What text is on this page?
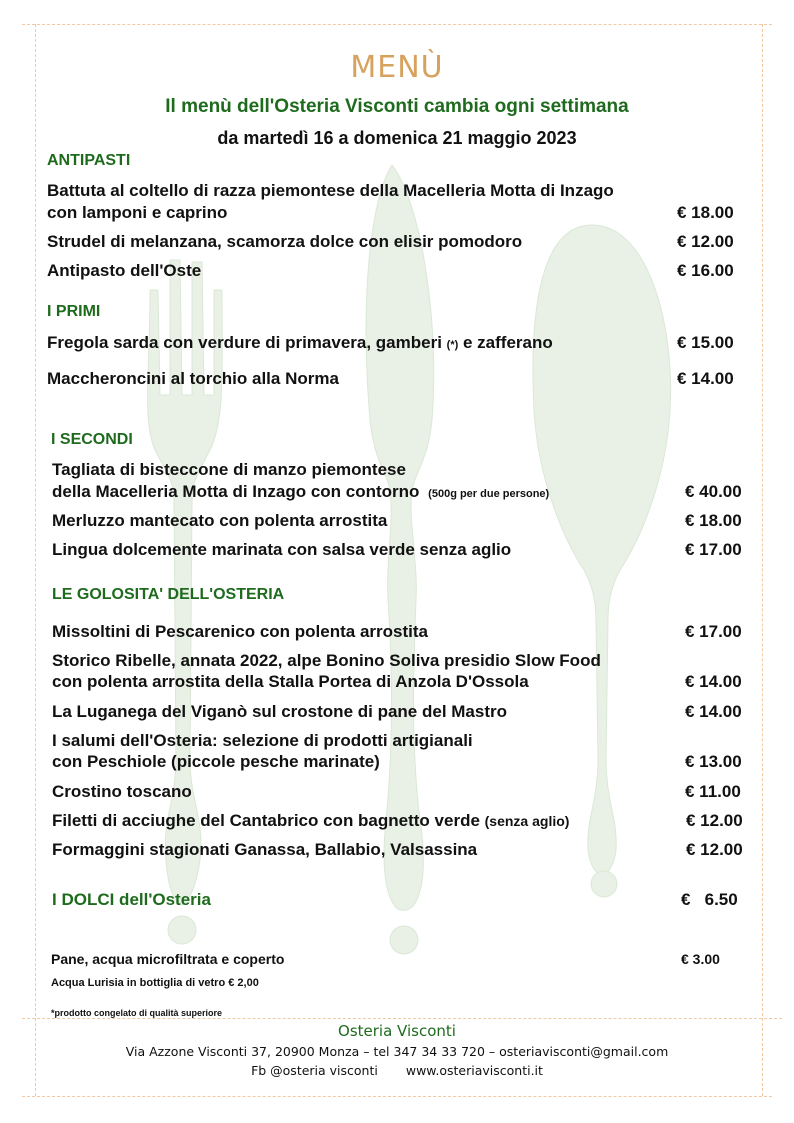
MENÙ
Il menù dell'Osteria Visconti cambia ogni settimana
da martedì 16 a domenica 21 maggio 2023
ANTIPASTI
Battuta al coltello di razza piemontese della Macelleria Motta di Inzago
con lamponi e caprino	€ 18.00
Strudel di melanzana, scamorza dolce con elisir pomodoro	€ 12.00
Antipasto dell'Oste	€ 16.00
I PRIMI
Fregola sarda con verdure di primavera, gamberi (*) e zafferano	€ 15.00
Maccheroncini al torchio alla Norma	€ 14.00
I SECONDI
Tagliata di bisteccone di manzo piemontese
della Macelleria Motta di Inzago con contorno (500g per due persone)	€ 40.00
Merluzzo mantecato con polenta arrostita	€ 18.00
Lingua dolcemente marinata con salsa verde senza aglio	€ 17.00
LE GOLOSITA' DELL'OSTERIA
Missoltini di Pescarenico con polenta arrostita	€ 17.00
Storico Ribelle, annata 2022, alpe Bonino Soliva presidio Slow Food
con polenta arrostita della Stalla Portea di Anzola D'Ossola	€ 14.00
La Luganega del Viganò sul crostone di pane del Mastro	€ 14.00
I salumi dell'Osteria: selezione di prodotti artigianali
con Peschiole (piccole pesche marinate)	€ 13.00
Crostino toscano	€ 11.00
Filetti di acciughe del Cantabrico con bagnetto verde (senza aglio)	€ 12.00
Formaggini stagionati Ganassa, Ballabio, Valsassina	€ 12.00
I DOLCI dell'Osteria	€   6.50
Pane, acqua microfiltrata e coperto	€ 3.00
Acqua Lurisia in bottiglia di vetro € 2,00
*prodotto congelato di qualità superiore
Osteria Visconti
Via Azzone Visconti 37, 20900 Monza – tel 347 34 33 720 – osteriavisconti@gmail.com
Fb @osteria visconti www.osteriavisconti.it
